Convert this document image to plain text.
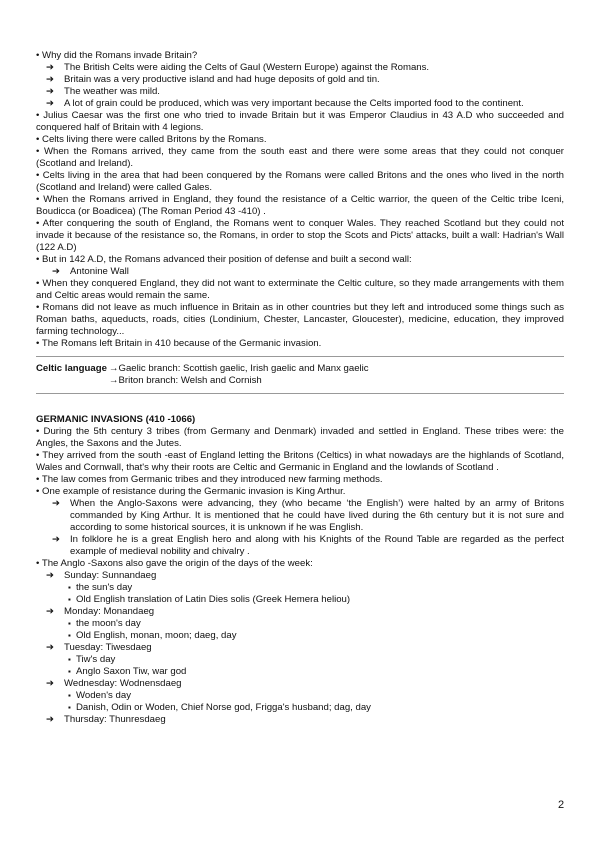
• Why did the Romans invade Britain?

➔ The British Celts were aiding the Celts of Gaul (Western Europe) against the Romans.
➔ Britain was a very productive island and had huge deposits of gold and tin.
➔ The weather was mild.
➔ A lot of grain could be produced, which was very important because the Celts imported food to the continent.

• Julius Caesar was the first one who tried to invade Britain but it was Emperor Claudius in 43 A.D who succeeded and conquered half of Britain with 4 legions.

• Celts living there were called Britons by the Romans.

• When the Romans arrived, they came from the south east and there were some areas that they could not conquer (Scotland and Ireland).

• Celts living in the area that had been conquered by the Romans were called Britons and the ones who lived in the north (Scotland and Ireland) were called Gales.

• When the Romans arrived in England, they found the resistance of a Celtic warrior, the queen of the Celtic tribe Iceni, Boudicca (or Boadicea) (The Roman Period 43 -410) .

• After conquering the south of England, the Romans went to conquer Wales. They reached Scotland but they could not invade it because of the resistance so, the Romans, in order to stop the Scots and Picts' attacks, built a wall: Hadrian's Wall (122 A.D)

• But in 142 A.D, the Romans advanced their position of defense and built a second wall:

➔ Antonine Wall

• When they conquered England, they did not want to exterminate the Celtic culture, so they made arrangements with them and Celtic areas would remain the same.

• Romans did not leave as much influence in Britain as in other countries but they left and introduced some things such as Roman baths, aqueducts, roads, cities (Londinium, Chester, Lancaster, Gloucester), medicine, education, they improved farming technology...

• The Romans left Britain in 410 because of the Germanic invasion.

Celtic language →Gaelic branch: Scottish gaelic, Irish gaelic and Manx gaelic
→Briton branch: Welsh and Cornish

GERMANIC INVASIONS (410 -1066)

• During the 5th century 3 tribes (from Germany and Denmark) invaded and settled in England. These tribes were: the Angles, the Saxons and the Jutes.

• They arrived from the south -east of England letting the Britons (Celtics) in what nowadays are the highlands of Scotland, Wales and Cornwall, that's why their roots are Celtic and Germanic in England and the lowlands of Scotland .

• The law comes from Germanic tribes and they introduced new farming methods.

• One example of resistance during the Germanic invasion is King Arthur.

➔ When the Anglo-Saxons were advancing, they (who became ‘the English’) were halted by an army of Britons commanded by King Arthur. It is mentioned that he could have lived during the 6th century but it is not sure and according to some historical sources, it is unknown if he was English.
➔ In folklore he is a great English hero and along with his Knights of the Round Table are regarded as the perfect example of medieval nobility and chivalry .

• The Anglo -Saxons also gave the origin of the days of the week:

➔ Sunday: Sunnandaeg
▪ the sun's day
▪ Old English translation of Latin Dies solis (Greek Hemera heliou)
➔ Monday: Monandaeg
▪ the moon's day
▪ Old English, monan, moon; daeg, day
➔ Tuesday: Tiwesdaeg
▪ Tiw's day
▪ Anglo Saxon Tiw, war god
➔ Wednesday: Wodnensdaeg
▪ Woden's day
▪ Danish, Odin or Woden, Chief Norse god, Frigga's husband; dag, day
➔ Thursday: Thunresdaeg
2
